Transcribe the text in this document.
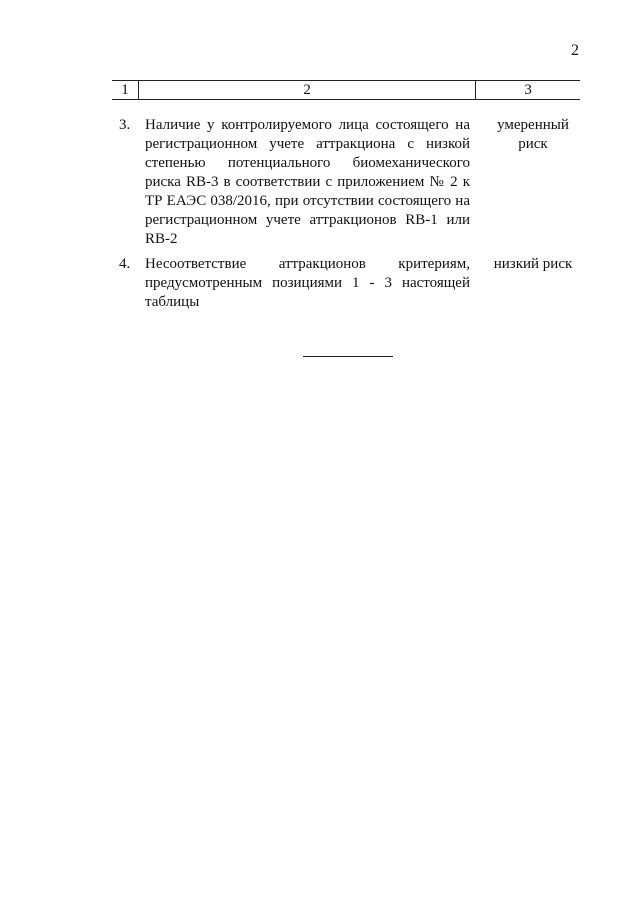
2
1	2	3
3. Наличие у контролируемого лица состоящего на регистрационном учете аттракциона с низкой степенью потенциального биомеханического риска RB-3 в соответствии с приложением № 2 к ТР ЕАЭС 038/2016, при отсутствии состоящего на регистрационном учете аттракционов RB-1 или RB-2
умеренный риск
4. Несоответствие аттракционов критериям, предусмотренным позициями 1 - 3 настоящей таблицы
низкий риск
